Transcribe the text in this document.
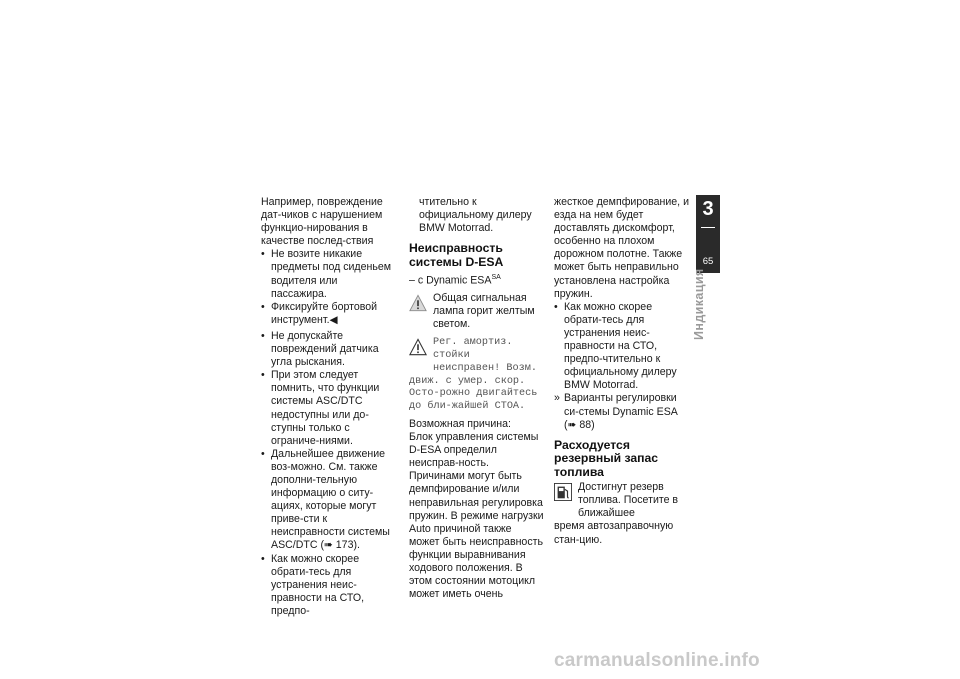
Например, повреждение дат-чиков с нарушением функцио-нирования в качестве послед-ствия

• Не возите никакие предметы под сиденьем водителя или пассажира.

• Фиксируйте бортовой инструмент.◀

• Не допускайте повреждений датчика угла рыскания.

• При этом следует помнить, что функции системы ASC/DTC недоступны или до-ступны только с ограниче-ниями.

• Дальнейшее движение воз-можно. См. также дополни-тельную информацию о ситу-ациях, которые могут приве-сти к неисправности системы ASC/DTC (➠ 173).

• Как можно скорее обрати-тесь для устранения неис-правности на СТО, предпо-

чтительно к официальному дилеру BMW Motorrad.

Неисправность системы D-ESA

– с Dynamic $ESA^{SA}$

Общая сигнальная лампа горит желтым светом.

Рег. амортиз. стойки

неисправен! Возм.

движ. с умер. скор. Осто-рожно двигайтесь до бли-жайшей СТОА.

Возможная причина:

Блок управления системы D-ESA определил неисправ-ность. Причинами могут быть демпфирование и/или неправильная регулировка пружин. В режиме нагрузки Auto причиной также может быть неисправность функции выравнивания ходового положения. В этом состоянии мотоцикл может иметь очень

жесткое демпфирование, и езда на нем будет доставлять дискомфорт, особенно на плохом дорожном полотне. Также может быть неправильно установлена настройка пружин.

• Как можно скорее обрати-тесь для устранения неис-правности на СТО, предпо-чтительно к официальному дилеру BMW Motorrad.

» Варианты регулировки си-стемы Dynamic ESA (➠ 88)

Расходуется резервный запас топлива

Достигнут резерв топлива. Посетите в ближайшее

время автозаправочную стан-цию.

3
65
Индикация
carmanualsonline.info
